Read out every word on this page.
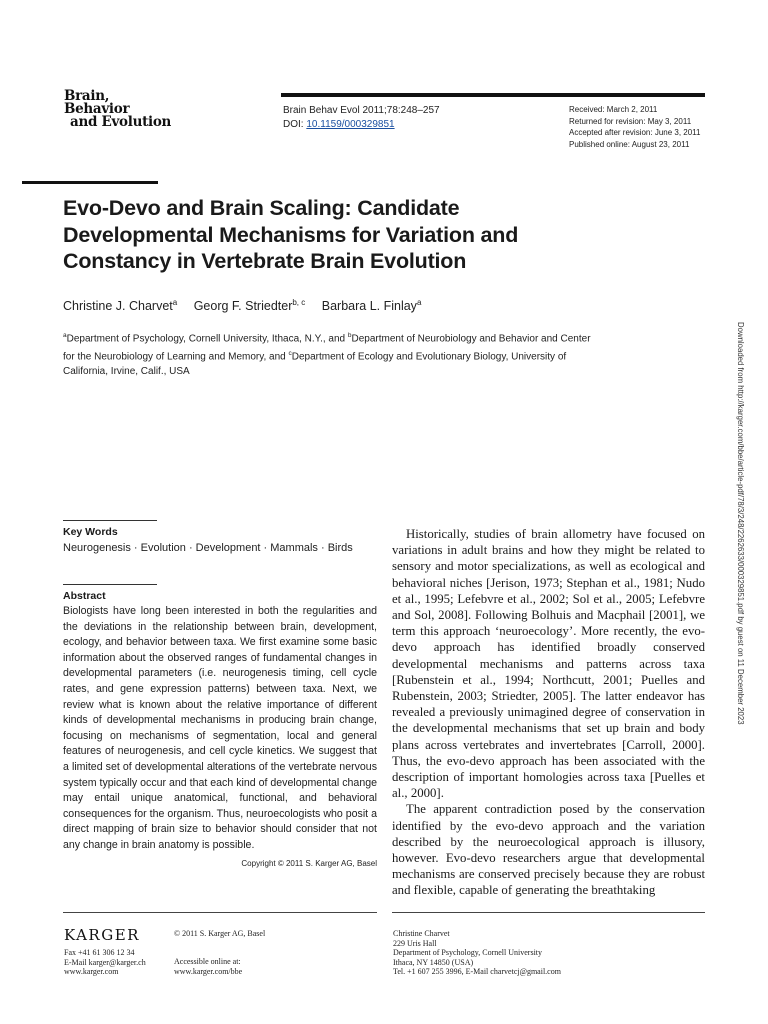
Brain, Behavior
and Evolution
Brain Behav Evol 2011;78:248–257
DOI: 10.1159/000329851
Received: March 2, 2011
Returned for revision: May 3, 2011
Accepted after revision: June 3, 2011
Published online: August 23, 2011
Evo-Devo and Brain Scaling: Candidate Developmental Mechanisms for Variation and Constancy in Vertebrate Brain Evolution
Christine J. Charvet$^a$ Georg F. Striedter$^{b, c}$ Barbara L. Finlay$^a$
$^a$Department of Psychology, Cornell University, Ithaca, N.Y., and $^b$Department of Neurobiology and Behavior and Center for the Neurobiology of Learning and Memory, and $^c$Department of Ecology and Evolutionary Biology, University of California, Irvine, Calif., USA	Downloaded from http://karger.com/bbe/article-pdf/78/3/248/2262633/000329851.pdf by guest on 11 December 2023
Key Words
Neurogenesis · Evolution · Development · Mammals · Birds
Abstract

Biologists have long been interested in both the regularities and the deviations in the relationship between brain, development, ecology, and behavior between taxa. We first examine some basic information about the observed ranges of fundamental changes in developmental parameters (i.e. neurogenesis timing, cell cycle rates, and gene expression patterns) between taxa. Next, we review what is known about the relative importance of different kinds of developmental mechanisms in producing brain change, focusing on mechanisms of segmentation, local and general features of neurogenesis, and cell cycle kinetics. We suggest that a limited set of developmental alterations of the vertebrate nervous system typically occur and that each kind of developmental change may entail unique anatomical, functional, and behavioral consequences for the organism. Thus, neuroecologists who posit a direct mapping of brain size to behavior should consider that not any change in brain anatomy is possible.
Copyright © 2011 S. Karger AG, Basel

Historically, studies of brain allometry have focused on variations in adult brains and how they might be related to sensory and motor specializations, as well as ecological and behavioral niches [Jerison, 1973; Stephan et al., 1981; Nudo et al., 1995; Lefebvre et al., 2002; Sol et al., 2005; Lefebvre and Sol, 2008]. Following Bolhuis and Macphail [2001], we term this approach ‘neuroecology’. More recently, the evo-devo approach has identified broadly conserved developmental mechanisms and patterns across taxa [Rubenstein et al., 1994; Northcutt, 2001; Puelles and Rubenstein, 2003; Striedter, 2005]. The latter endeavor has revealed a previously unimagined degree of conservation in the developmental mechanisms that set up brain and body plans across vertebrates and invertebrates [Carroll, 2000]. Thus, the evo-devo approach has been associated with the description of important homologies across taxa [Puelles et al., 2000].

The apparent contradiction posed by the conservation identified by the evo-devo approach and the variation described by the neuroecological approach is illusory, however. Evo-devo researchers argue that developmental mechanisms are conserved precisely because they are robust and flexible, capable of generating the breathtaking

KARGER
Fax +41 61 306 12 34
E-Mail karger@karger.ch
www.karger.com
© 2011 S. Karger AG, Basel
Accessible online at:
www.karger.com/bbe
Christine Charvet
229 Uris Hall
Department of Psychology, Cornell University
Ithaca, NY 14850 (USA)
Tel. +1 607 255 3996, E-Mail charvetcj@gmail.com
